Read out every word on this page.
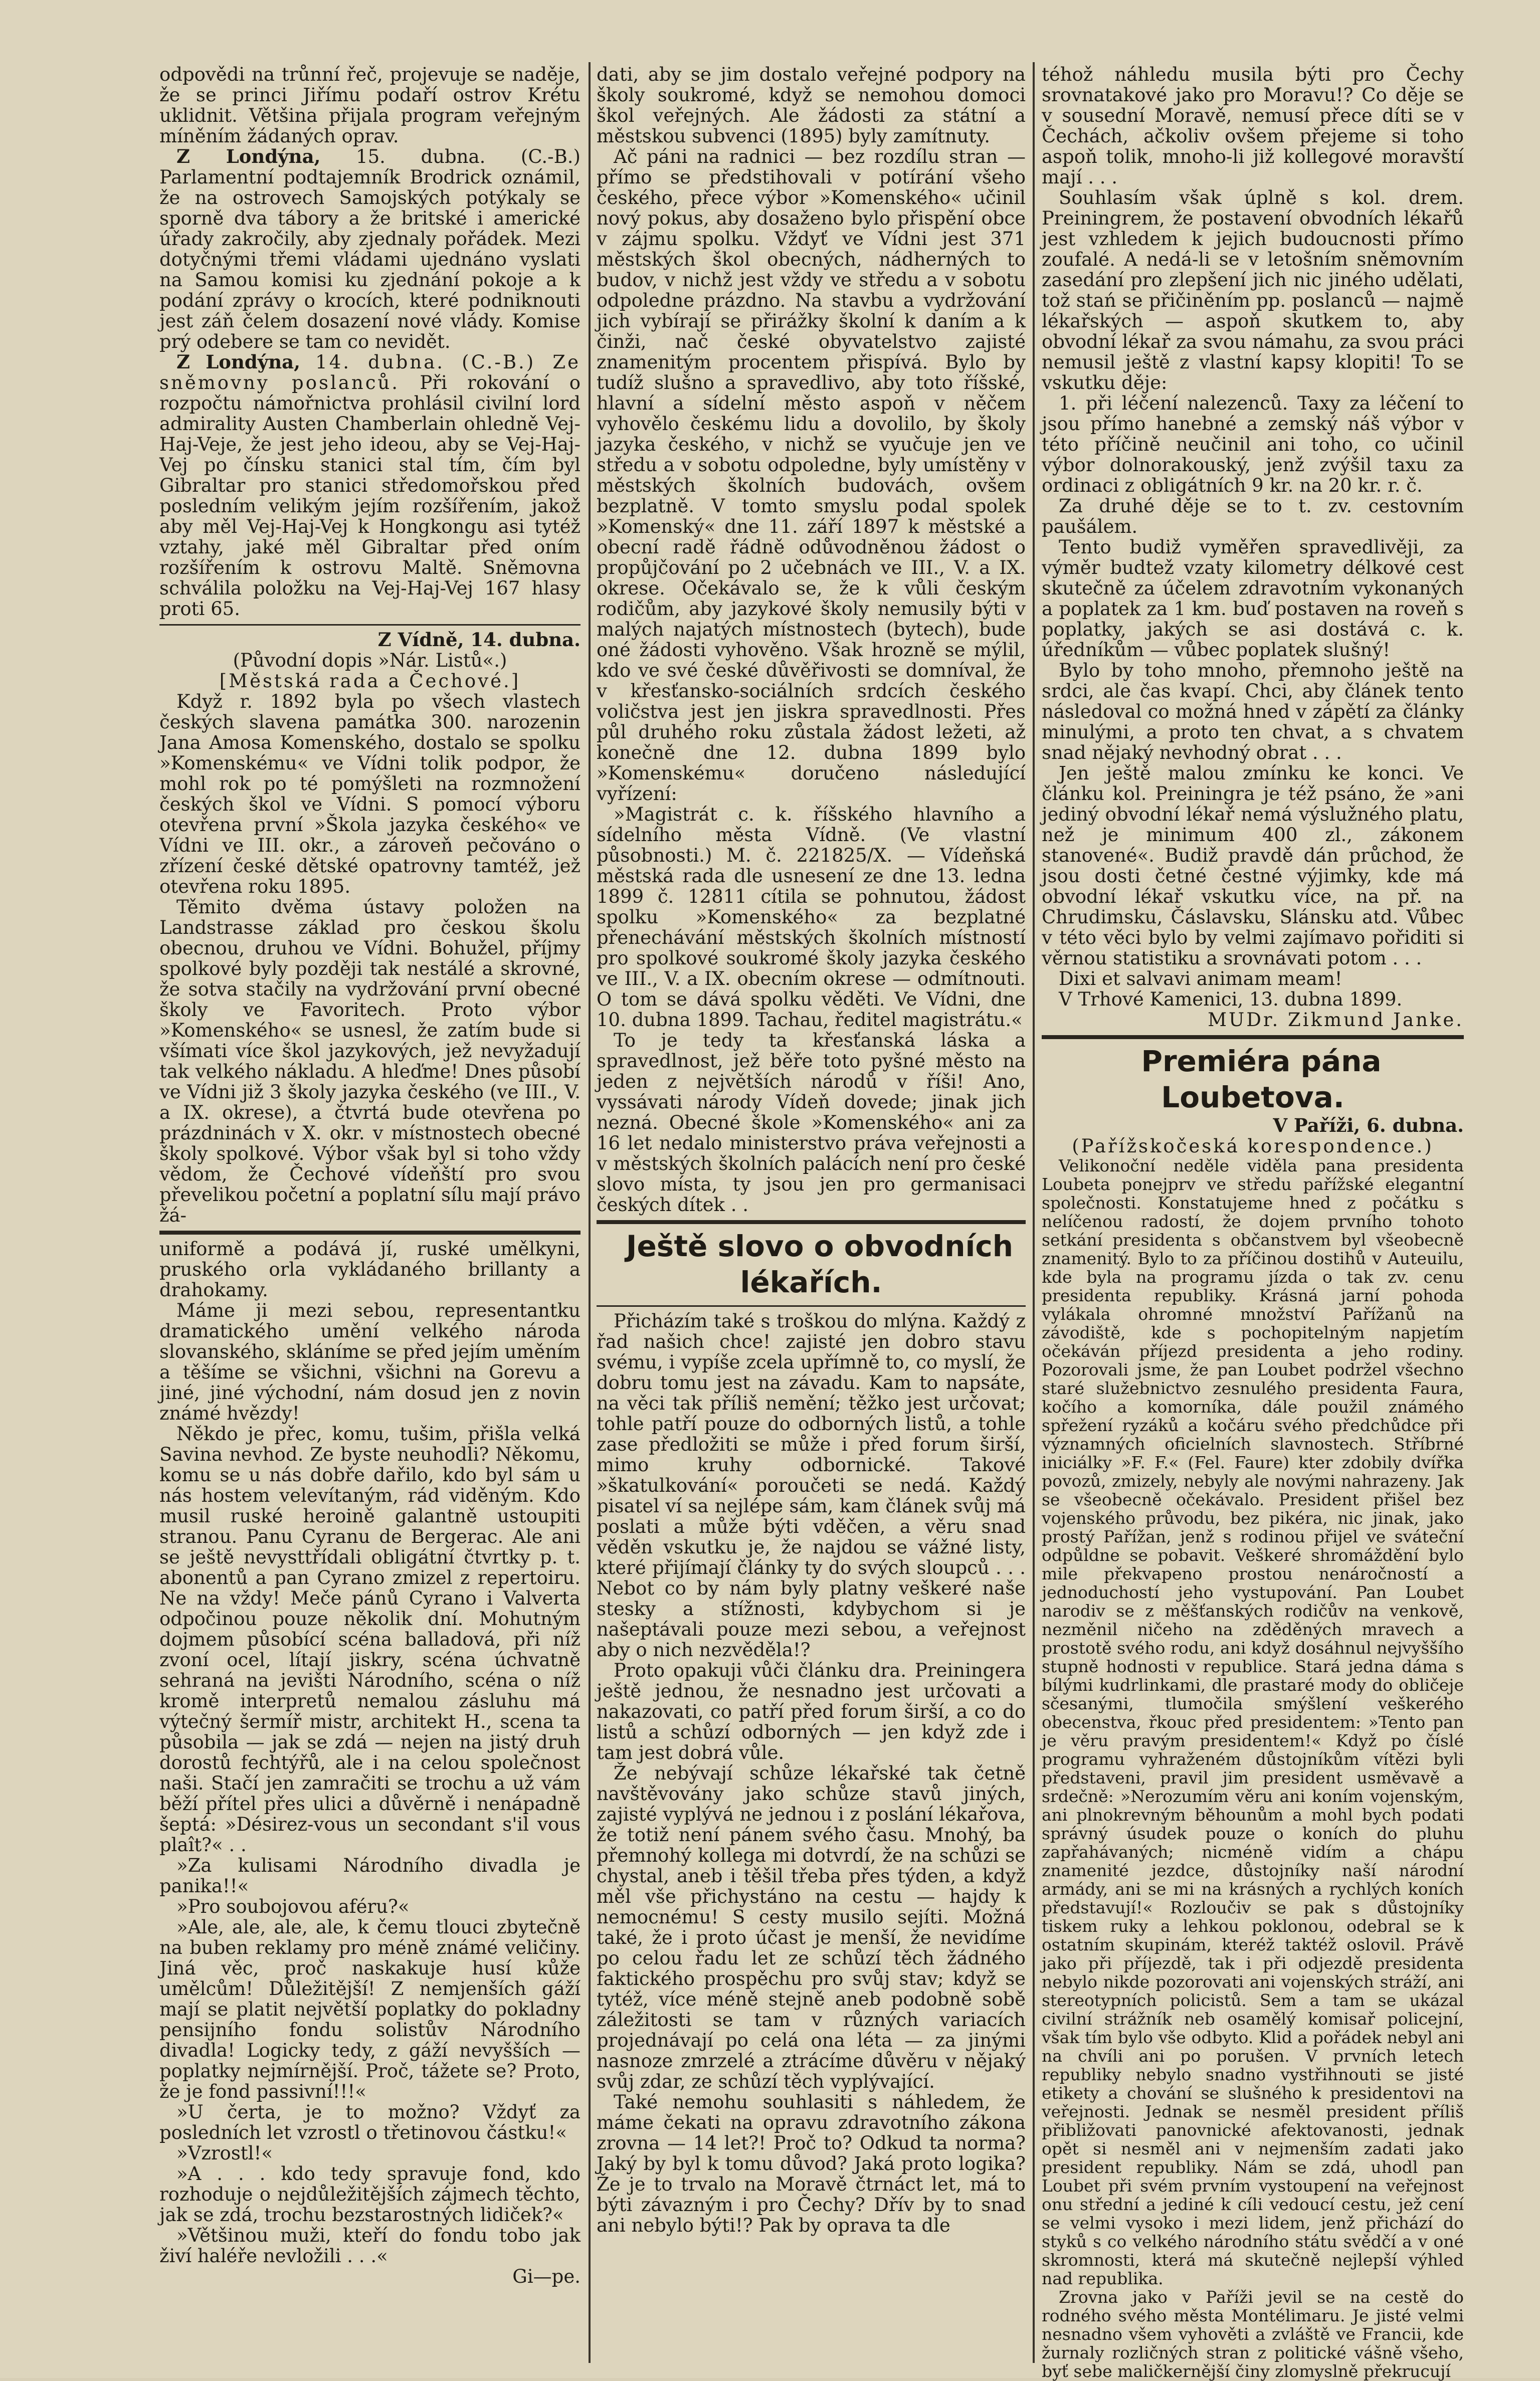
odpovědi na trůnní řeč, projevuje se naděje, že se princi Jiřímu podaří ostrov Krétu uklidnit. Většina přijala program veřejným míněním žádaných oprav.

Z Londýna, 15. dubna. (C.-B.) Parlamentní podtajemník Brodrick oznámil, že na ostrovech Samojských potýkaly se sporně dva tábory a že britské i americké úřady zakročily, aby zjednaly pořádek. Mezi dotyčnými třemi vládami ujednáno vyslati na Samou komisi ku zjednání pokoje a k podání zprávy o krocích, které podniknouti jest záň čelem dosazení nové vlády. Komise prý odebere se tam co nevidět.

Z Londýna, 14. dubna. (C.-B.) Ze sněmovny poslanců. Při rokování o rozpočtu námořnictva prohlásil civilní lord admirality Austen Chamberlain ohledně Vej-Haj-Veje, že jest jeho ideou, aby se Vej-Haj-Vej po čínsku stanici stal tím, čím byl Gibraltar pro stanici středomořskou před posledním velikým jejím rozšířením, jakož aby měl Vej-Haj-Vej k Hongkongu asi tytéž vztahy, jaké měl Gibraltar před oním rozšířením k ostrovu Maltě. Sněmovna schválila položku na Vej-Haj-Vej 167 hlasy proti 65.

Z Vídně, 14. dubna.

(Původní dopis »Nár. Listů«.)

[Městská rada a Čechové.]

Když r. 1892 byla po všech vlastech českých slavena památka 300. narozenin Jana Amosa Komenského, dostalo se spolku »Komenskému« ve Vídni tolik podpor, že mohl rok po té pomýšleti na rozmnožení českých škol ve Vídni. S pomocí výboru otevřena první »Škola jazyka českého« ve Vídni ve III. okr., a zároveň pečováno o zřízení české dětské opatrovny tamtéž, jež otevřena roku 1895.

Těmito dvěma ústavy položen na Landstrasse základ pro českou školu obecnou, druhou ve Vídni. Bohužel, příjmy spolkové byly později tak nestálé a skrovné, že sotva stačily na vydržování první obecné školy ve Favoritech. Proto výbor »Komenského« se usnesl, že zatím bude si všímati více škol jazykových, jež nevyžadují tak velkého nákladu. A hleďme! Dnes působí ve Vídni již 3 školy jazyka českého (ve III., V. a IX. okrese), a čtvrtá bude otevřena po prázdninách v X. okr. v místnostech obecné školy spolkové. Výbor však byl si toho vždy vědom, že Čechové vídeňští pro svou převelikou početní a poplatní sílu mají právo žá-

uniformě a podává jí, ruské umělkyni, pruského orla vykládaného brillanty a drahokamy.

Máme ji mezi sebou, representantku dramatického umění velkého národa slovanského, skláníme se před jejím uměním a těšíme se všichni, všichni na Gorevu a jiné, jiné východní, nám dosud jen z novin známé hvězdy!

Někdo je přec, komu, tušim, přišla velká Savina nevhod. Ze byste neuhodli? Někomu, komu se u nás dobře dařilo, kdo byl sám u nás hostem velevítaným, rád viděným. Kdo musil ruské heroině galantně ustoupiti stranou. Panu Cyranu de Bergerac. Ale ani se ještě nevysttřídali obligátní čtvrtky p. t. abonentů a pan Cyrano zmizel z repertoiru. Ne na vždy! Meče pánů Cyrano i Valverta odpočinou pouze několik dní. Mohutným dojmem působící scéna balladová, při níž zvoní ocel, lítají jiskry, scéna úchvatně sehraná na jevišti Národního, scéna o níž kromě interpretů nemalou zásluhu má výtečný šermíř mistr, architekt H., scena ta působila — jak se zdá — nejen na jistý druh dorostů fechtýřů, ale i na celou společnost naši. Stačí jen zamračiti se trochu a už vám běží přítel přes ulici a důvěrně i nenápadně šeptá: »Désirez-vous un secondant s'il vous plaît?« . .

»Za kulisami Národního divadla je panika!!«

»Pro soubojovou aféru?«

»Ale, ale, ale, ale, k čemu tlouci zbytečně na buben reklamy pro méně známé veličiny. Jiná věc, proč naskakuje husí kůže umělcům! Důležitější! Z nemjenších gáží mají se platit největší poplatky do pokladny pensijního fondu solistův Národního divadla! Logicky tedy, z gáží nevyšších — poplatky nejmírnější. Proč, tážete se? Proto, že je fond passivní!!!«

»U čerta, je to možno? Vždyť za posledních let vzrostl o třetinovou částku!«

»Vzrostl!«

»A . . . kdo tedy spravuje fond, kdo rozhoduje o nejdůležitějších zájmech těchto, jak se zdá, trochu bezstarostných lidiček?«

»Většinou muži, kteří do fondu tobo jak živí haléře nevložili . . .«

Gi—pe.

dati, aby se jim dostalo veřejné podpory na školy soukromé, když se nemohou domoci škol veřejných. Ale žádosti za státní a městskou subvenci (1895) byly zamítnuty.

Ač páni na radnici — bez rozdílu stran — přímo se předstihovali v potírání všeho českého, přece výbor »Komenského« učinil nový pokus, aby dosaženo bylo přispění obce v zájmu spolku. Vždyť ve Vídni jest 371 městských škol obecných, nádherných to budov, v nichž jest vždy ve středu a v sobotu odpoledne prázdno. Na stavbu a vydržování jich vybírají se přirážky školní k daním a k činži, nač české obyvatelstvo zajisté znamenitým procentem přispívá. Bylo by tudíž slušno a spravedlivo, aby toto říšské, hlavní a sídelní město aspoň v něčem vyhovělo českému lidu a dovolilo, by školy jazyka českého, v nichž se vyučuje jen ve středu a v sobotu odpoledne, byly umístěny v městských školních budovách, ovšem bezplatně. V tomto smyslu podal spolek »Komenský« dne 11. září 1897 k městské a obecní radě řádně odůvodněnou žádost o propůjčování po 2 učebnách ve III., V. a IX. okrese. Očekávalo se, že k vůli českým rodičům, aby jazykové školy nemusily býti v malých najatých místnostech (bytech), bude oné žádosti vyhověno. Však hrozně se mýlil, kdo ve své české důvěřivosti se domníval, že v křesťansko-sociálních srdcích českého voličstva jest jen jiskra spravedlnosti. Přes půl druhého roku zůstala žádost ležeti, až konečně dne 12. dubna 1899 bylo »Komenskému« doručeno následující vyřízení:

»Magistrát c. k. říšského hlavního a sídelního města Vídně. (Ve vlastní působnosti.) M. č. 221825/X. — Vídeňská městská rada dle usnesení ze dne 13. ledna 1899 č. 12811 cítila se pohnutou, žádost spolku »Komenského« za bezplatné přenechávání městských školních místností pro spolkové soukromé školy jazyka českého ve III., V. a IX. obecním okrese — odmítnouti. O tom se dává spolku věděti. Ve Vídni, dne 10. dubna 1899. Tachau, ředitel magistrátu.«

To je tedy ta křesťanská láska a spravedlnost, jež běře toto pyšné město na jeden z největších národů v říši! Ano, vyssávati národy Vídeň dovede; jinak jich nezná. Obecné škole »Komenského« ani za 16 let nedalo ministerstvo práva veřejnosti a v městských školních palácích není pro české slovo místa, ty jsou jen pro germanisaci českých dítek . .

Ještě slovo o obvodních lékařích.

Přicházím také s troškou do mlýna. Každý z řad našich chce! zajisté jen dobro stavu svému, i vypíše zcela upřímně to, co myslí, že dobru tomu jest na závadu. Kam to napsáte, na věci tak příliš nemění; těžko jest určovat; tohle patří pouze do odborných listů, a tohle zase předložiti se může i před forum širší, mimo kruhy odbornické. Takové »škatulkování« poroučeti se nedá. Každý pisatel ví sa nejlépe sám, kam článek svůj má poslati a může býti vděčen, a věru snad věděn vskutku je, že najdou se vážné listy, které přijímají články ty do svých sloupců . . . Nebot co by nám byly platny veškeré naše stesky a stížnosti, kdybychom si je našeptávali pouze mezi sebou, a veřejnost aby o nich nezvěděla!?

Proto opakuji vůči článku dra. Preiningera ještě jednou, že nesnadno jest určovati a nakazovati, co patří před forum širší, a co do listů a schůzí odborných — jen když zde i tam jest dobrá vůle.

Že nebývají schůze lékařské tak četně navštěvovány jako schůze stavů jiných, zajisté vyplývá ne jednou i z poslání lékařova, že totiž není pánem svého času. Mnohý, ba přemnohý kollega mi dotvrdí, že na schůzi se chystal, aneb i těšil třeba přes týden, a když měl vše přichystáno na cestu — hajdy k nemocnému! S cesty musilo sejíti. Možná také, že i proto účast je menší, že nevidíme po celou řadu let ze schůzí těch žádného faktického prospěchu pro svůj stav; když se tytéž, více méně stejně aneb podobně sobě záležitosti se tam v různých variacích projednávají po celá ona léta — za jinými nasnoze zmrzelé a ztrácíme důvěru v nějaký svůj zdar, ze schůzí těch vyplývající.

Také nemohu souhlasiti s náhledem, že máme čekati na opravu zdravotního zákona zrovna — 14 let?! Proč to? Odkud ta norma? Jaký by byl k tomu důvod? Jaká proto logika? Že je to trvalo na Moravě čtrnáct let, má to býti závazným i pro Čechy? Dřív by to snad ani nebylo býti!? Pak by oprava ta dle

téhož náhledu musila býti pro Čechy srovnatakové jako pro Moravu!? Co děje se v sousední Moravě, nemusí přece díti se v Čechách, ačkoliv ovšem přejeme si toho aspoň tolik, mnoho-li již kollegové moravští mají . . .

Souhlasím však úplně s kol. drem. Preiningrem, že postavení obvodních lékařů jest vzhledem k jejich budoucnosti přímo zoufalé. A nedá-li se v letošním sněmovním zasedání pro zlepšení jich nic jiného udělati, tož stań se přičiněním pp. poslanců — najmě lékařských — aspoň skutkem to, aby obvodní lékař za svou námahu, za svou práci nemusil ještě z vlastní kapsy klopiti! To se vskutku děje:

1. při léčení nalezenců. Taxy za léčení to jsou přímo hanebné a zemský náš výbor v této příčině neučinil ani toho, co učinil výbor dolnorakouský, jenž zvýšil taxu za ordinaci z obligátních 9 kr. na 20 kr. r. č.

Za druhé děje se to t. zv. cestovním paušálem.

Tento budiž vyměřen spravedlivěji, za výměr budtež vzaty kilometry délkové cest skutečně za účelem zdravotním vykonaných a poplatek za 1 km. buď postaven na roveň s poplatky, jakých se asi dostává c. k. úředníkům — vůbec poplatek slušný!

Bylo by toho mnoho, přemnoho ještě na srdci, ale čas kvapí. Chci, aby článek tento následoval co možná hned v zápětí za články minulými, a proto ten chvat, a s chvatem snad nějaký nevhodný obrat . . .

Jen ještě malou zmínku ke konci. Ve článku kol. Preiningra je též psáno, že »ani jediný obvodní lékař nemá výslužného platu, než je minimum 400 zl., zákonem stanovené«. Budiž pravdě dán průchod, že jsou dosti četné čestné výjimky, kde má obvodní lékař vskutku více, na př. na Chrudimsku, Čáslavsku, Slánsku atd. Vůbec v této věci bylo by velmi zajímavo pořiditi si věrnou statistiku a srovnávati potom . . .

Dixi et salvavi animam meam!

V Trhové Kamenici, 13. dubna 1899.

MUDr. Zikmund Janke.

Premiéra pána Loubetova.

V Paříži, 6. dubna.

(Pařížskočeská korespondence.)

Velikonoční neděle viděla pana presidenta Loubeta ponejprv ve středu pařížské elegantní společnosti. Konstatujeme hned z počátku s nelíčenou radostí, že dojem prvního tohoto setkání presidenta s občanstvem byl všeobecně znamenitý. Bylo to za příčinou dostihů v Auteuilu, kde byla na programu jízda o tak zv. cenu presidenta republiky. Krásná jarní pohoda vylákala ohromné množství Pařížanů na závodiště, kde s pochopitelným napjetím očekáván příjezd presidenta a jeho rodiny. Pozorovali jsme, že pan Loubet podržel všechno staré služebnictvo zesnulého presidenta Faura, kočího a komorníka, dále použil známého spřežení ryzáků a kočáru svého předchůdce při významných oficielních slavnostech. Stříbrné iniciálky »F. F.« (Fel. Faure) kter zdobily dvířka povozů, zmizely, nebyly ale novými nahrazeny. Jak se všeobecně očekávalo. President přišel bez vojenského průvodu, bez pikéra, nic jinak, jako prostý Pařížan, jenž s rodinou přijel ve sváteční odpůldne se pobavit. Veškeré shromáždění bylo mile překvapeno prostou nenáročností a jednoduchostí jeho vystupování. Pan Loubet narodiv se z měšťanských rodičův na venkově, nezměnil ničeho na zděděných mravech a prostotě svého rodu, ani když dosáhnul nejvyššího stupně hodnosti v republice. Stará jedna dáma s bílými kudrlinkami, dle prastaré mody do obličeje sčesanými, tlumočila smýšlení veškerého obecenstva, řkouc před presidentem: »Tento pan je věru pravým presidentem!« Když po číslé programu vyhraženém důstojníkům vítězi byli představeni, pravil jim president usměvavě a srdečně: »Nerozumím věru ani koním vojenským, ani plnokrevným běhounům a mohl bych podati správný úsudek pouze o koních do pluhu zapřahávaných; nicméně vidím a chápu znamenité jezdce, důstojníky naší národní armády, ani se mi na krásných a rychlých koních představují!« Rozloučiv se pak s důstojníky tiskem ruky a lehkou poklonou, odebral se k ostatním skupinám, kteréž taktéž oslovil. Právě jako při příjezdě, tak i při odjezdě presidenta nebylo nikde pozorovati ani vojenských stráží, ani stereotypních policistů. Sem a tam se ukázal civilní strážník neb osamělý komisař policejní, však tím bylo vše odbyto. Klid a pořádek nebyl ani na chvíli ani po porušen. V prvních letech republiky nebylo snadno vystřihnouti se jisté etikety a chování se slušného k presidentovi na veřejnosti. Jednak se nesměl president příliš přibližovati panovnické afektovanosti, jednak opět si nesměl ani v nejmenším zadati jako president republiky. Nám se zdá, uhodl pan Loubet při svém prvním vystoupení na veřejnost onu střední a jediné k cíli vedoucí cestu, jež cení se velmi vysoko i mezi lidem, jenž přichází do styků s co velkého národního státu svědčí a v oné skromnosti, která má skutečně nejlepší výhled nad republika.

Zrovna jako v Paříži jevil se na cestě do rodného svého města Montélimaru. Je jisté velmi nesnadno všem vyhověti a zvláště ve Francii, kde žurnaly rozličných stran z politické vášně všeho, byť sebe maličkernější činy zlomyslně překrucují
